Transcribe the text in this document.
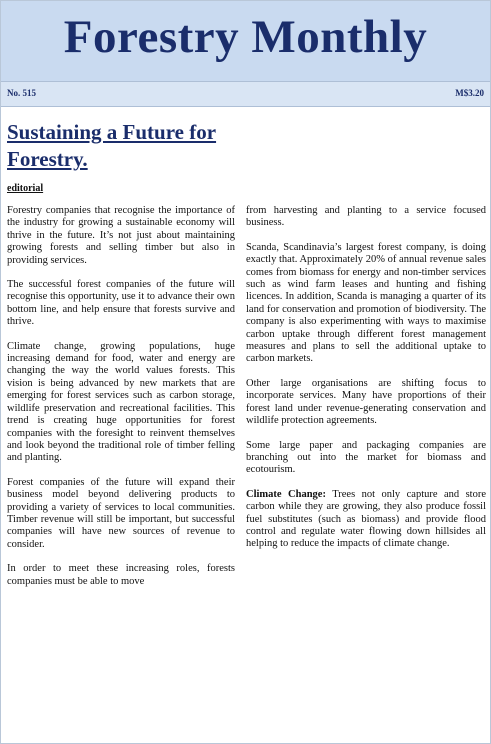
Forestry Monthly
No. 515	M$3.20
Sustaining a Future for Forestry.
editorial

Forestry companies that recognise the importance of the industry for growing a sustainable economy will thrive in the future. It’s not just about maintaining growing forests and selling timber but also in providing services.

The successful forest companies of the future will recognise this opportunity, use it to advance their own bottom line, and help ensure that forests survive and thrive.

Climate change, growing populations, huge increasing demand for food, water and energy are changing the way the world values forests. This vision is being advanced by new markets that are emerging for forest services such as carbon storage, wildlife preservation and recreational facilities. This trend is creating huge opportunities for forest companies with the foresight to reinvent themselves and look beyond the traditional role of timber felling and planting.

Forest companies of the future will expand their business model beyond delivering products to providing a variety of services to local communities. Timber revenue will still be important, but successful companies will have new sources of revenue to consider.

In order to meet these increasing roles, forests companies must be able to move

from harvesting and planting to a service focused business.

Scanda, Scandinavia’s largest forest company, is doing exactly that. Approximately 20% of annual revenue sales comes from biomass for energy and non-timber services such as wind farm leases and hunting and fishing licences. In addition, Scanda is managing a quarter of its land for conservation and promotion of biodiversity. The company is also experimenting with ways to maximise carbon uptake through different forest management measures and plans to sell the additional uptake to carbon markets.

Other large organisations are shifting focus to incorporate services. Many have proportions of their forest land under revenue-generating conservation and wildlife protection agreements.

Some large paper and packaging companies are branching out into the market for biomass and ecotourism.

Climate Change: Trees not only capture and store carbon while they are growing, they also produce fossil fuel substitutes (such as biomass) and provide flood control and regulate water flowing down hillsides all helping to reduce the impacts of climate change.
